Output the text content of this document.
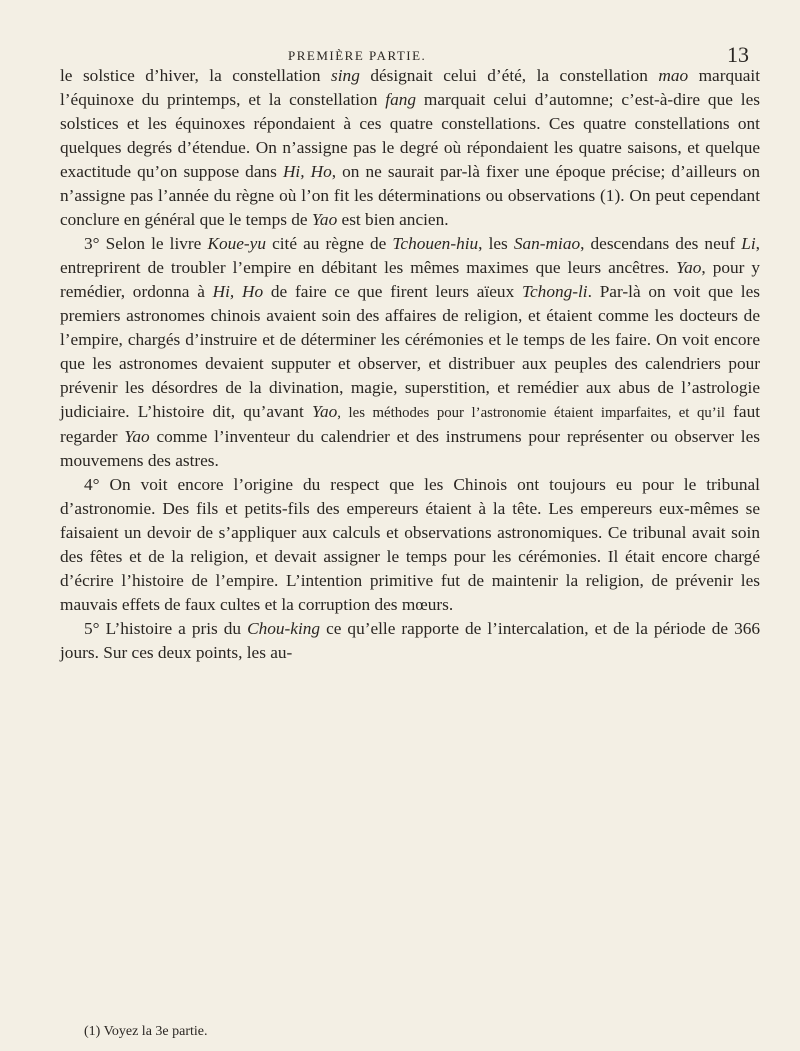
PREMIÈRE PARTIE.	13

le solstice d’hiver, la constellation sing désignait celui d’été, la constellation mao marquait l’équinoxe du printemps, et la constellation fang marquait celui d’automne; c’est-à-dire que les solstices et les équinoxes répondaient à ces quatre constellations. Ces quatre constellations ont quelques degrés d’étendue. On n’assigne pas le degré où répondaient les quatre saisons, et quelque exactitude qu’on suppose dans Hi, Ho, on ne saurait par-là fixer une époque précise; d’ailleurs on n’assigne pas l’année du règne où l’on fit les déterminations ou observations (1). On peut cependant conclure en général que le temps de Yao est bien ancien.

3° Selon le livre Koue-yu cité au règne de Tchouen-hiu, les San-miao, descendans des neuf Li, entreprirent de troubler l’empire en débitant les mêmes maximes que leurs ancêtres. Yao, pour y remédier, ordonna à Hi, Ho de faire ce que firent leurs aïeux Tchong-li. Par-là on voit que les premiers astronomes chinois avaient soin des affaires de religion, et étaient comme les docteurs de l’empire, chargés d’instruire et de déterminer les cérémonies et le temps de les faire. On voit encore que les astronomes devaient supputer et observer, et distribuer aux peuples des calendriers pour prévenir les désordres de la divination, magie, superstition, et remédier aux abus de l’astrologie judiciaire. L’histoire dit, qu’avant Yao, les méthodes pour l’astronomie étaient imparfaites, et qu’il faut regarder Yao comme l’inventeur du calendrier et des instrumens pour représenter ou observer les mouvemens des astres.

4° On voit encore l’origine du respect que les Chinois ont toujours eu pour le tribunal d’astronomie. Des fils et petits-fils des empereurs étaient à la tête. Les empereurs eux-mêmes se faisaient un devoir de s’appliquer aux calculs et observations astronomiques. Ce tribunal avait soin des fêtes et de la religion, et devait assigner le temps pour les cérémonies. Il était encore chargé d’écrire l’histoire de l’empire. L’intention primitive fut de maintenir la religion, de prévenir les mauvais effets de faux cultes et la corruption des mœurs.

5° L’histoire a pris du Chou-king ce qu’elle rapporte de l’intercalation, et de la période de 366 jours. Sur ces deux points, les au-

(1) Voyez la 3e partie.
